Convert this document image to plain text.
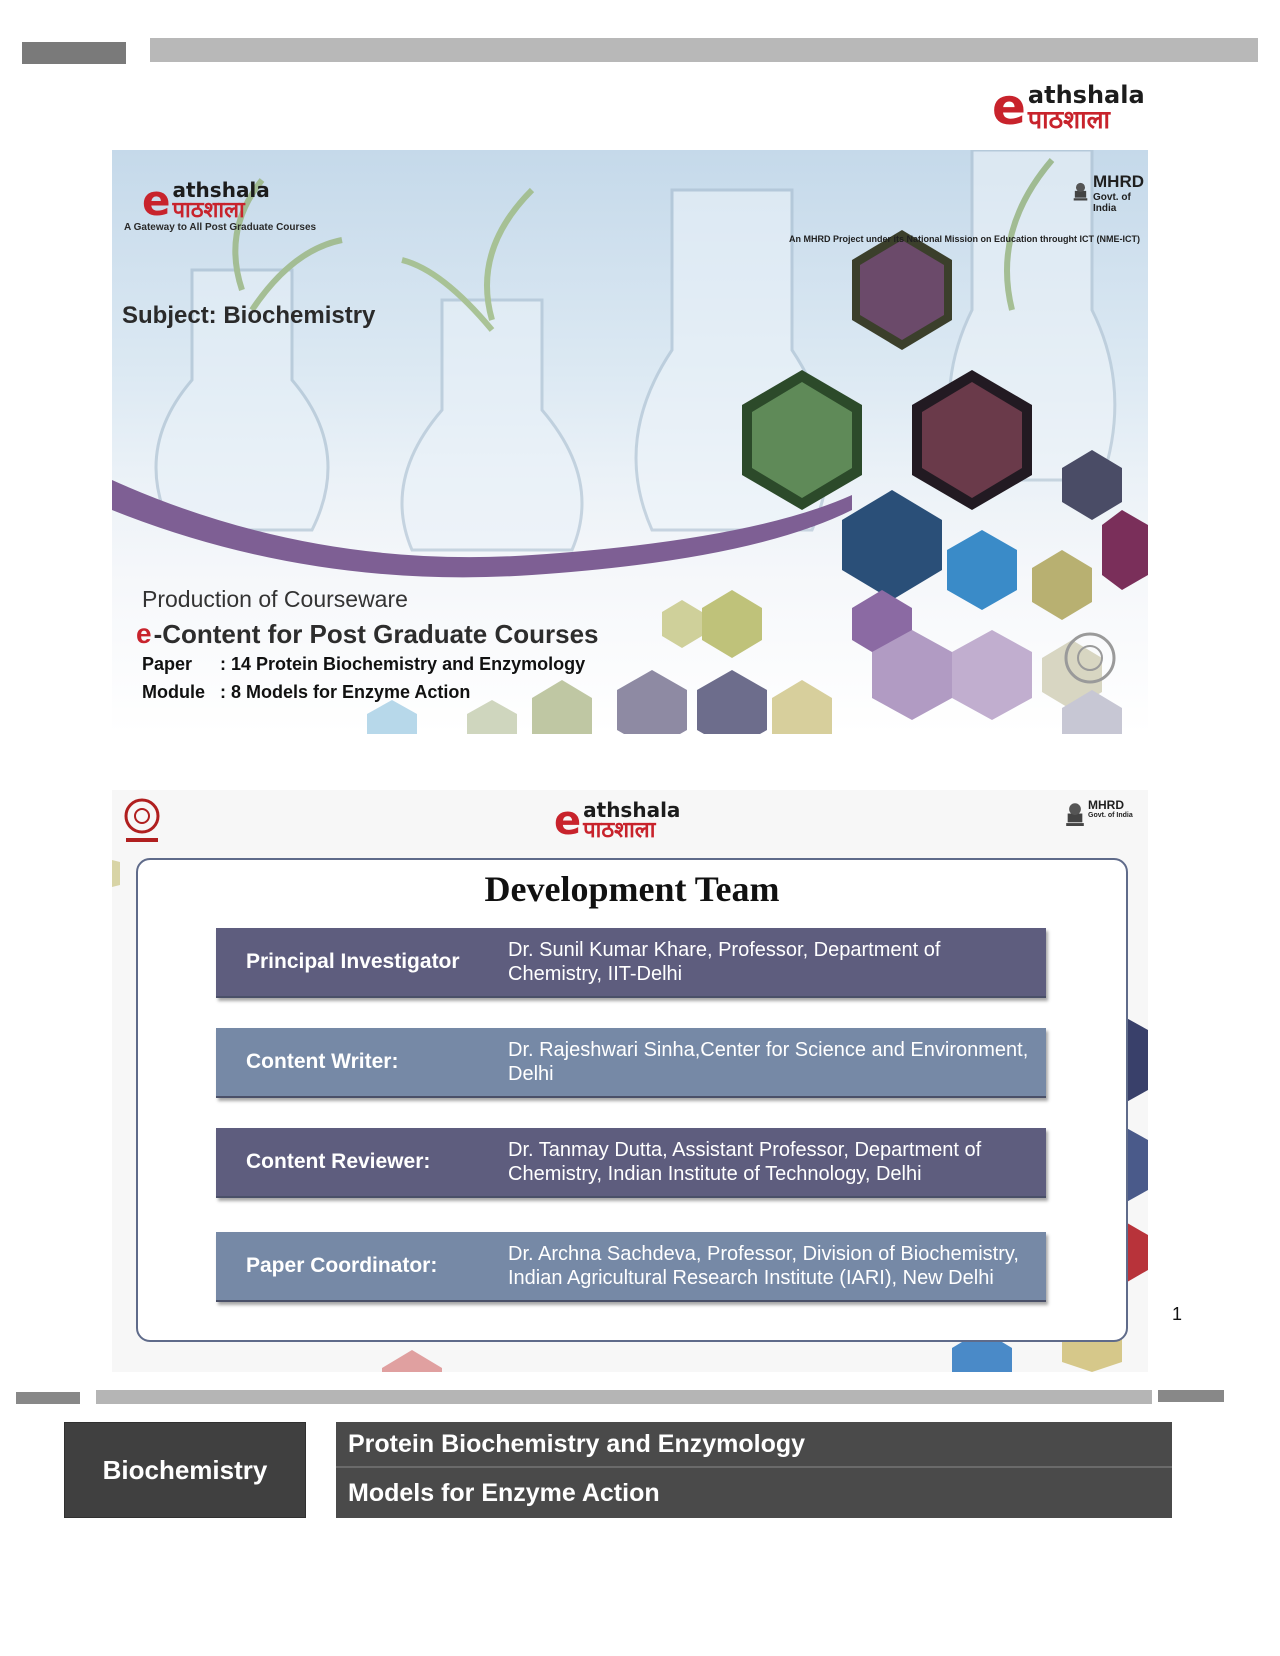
e athshala
पाठशाला
e athshala
पाठशाला
A Gateway to All Post Graduate Courses
MHRD
Govt. of India
An MHRD Project under its National Mission on Education throught ICT (NME-ICT)
Subject: Biochemistry
Production of Courseware
e -Content for Post Graduate Courses
Paper	: 14 Protein Biochemistry and Enzymology
Module : 8 Models for Enzyme Action
e athshala
पाठशाला
MHRD
Govt. of India
Development Team
Principal Investigator	Dr. Sunil Kumar Khare, Professor, Department of Chemistry, IIT-Delhi
Content Writer:	Dr. Rajeshwari Sinha,Center for Science and Environment, Delhi
Content Reviewer:	Dr. Tanmay Dutta, Assistant Professor, Department of Chemistry, Indian Institute of Technology, Delhi
Paper Coordinator:	Dr. Archna Sachdeva, Professor, Division of Biochemistry, Indian Agricultural Research Institute (IARI), New Delhi
1
Biochemistry
Protein Biochemistry and Enzymology
Models for Enzyme Action
